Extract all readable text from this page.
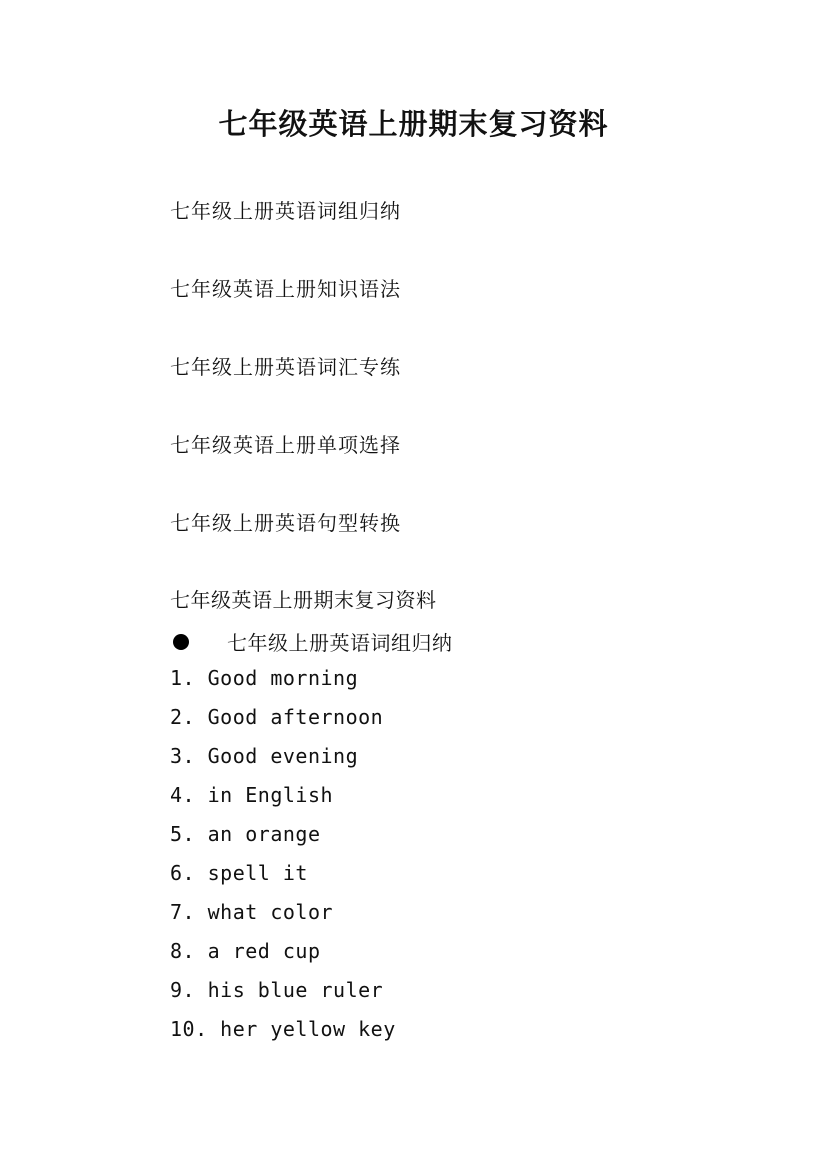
七年级英语上册期末复习资料
七年级上册英语词组归纳
七年级英语上册知识语法
七年级上册英语词汇专练
七年级英语上册单项选择
七年级上册英语句型转换
七年级英语上册期末复习资料
七年级上册英语词组归纳
1. Good morning
2. Good afternoon
3. Good evening
4. in English
5. an orange
6. spell it
7. what color
8. a red cup
9. his blue ruler
10. her yellow key
